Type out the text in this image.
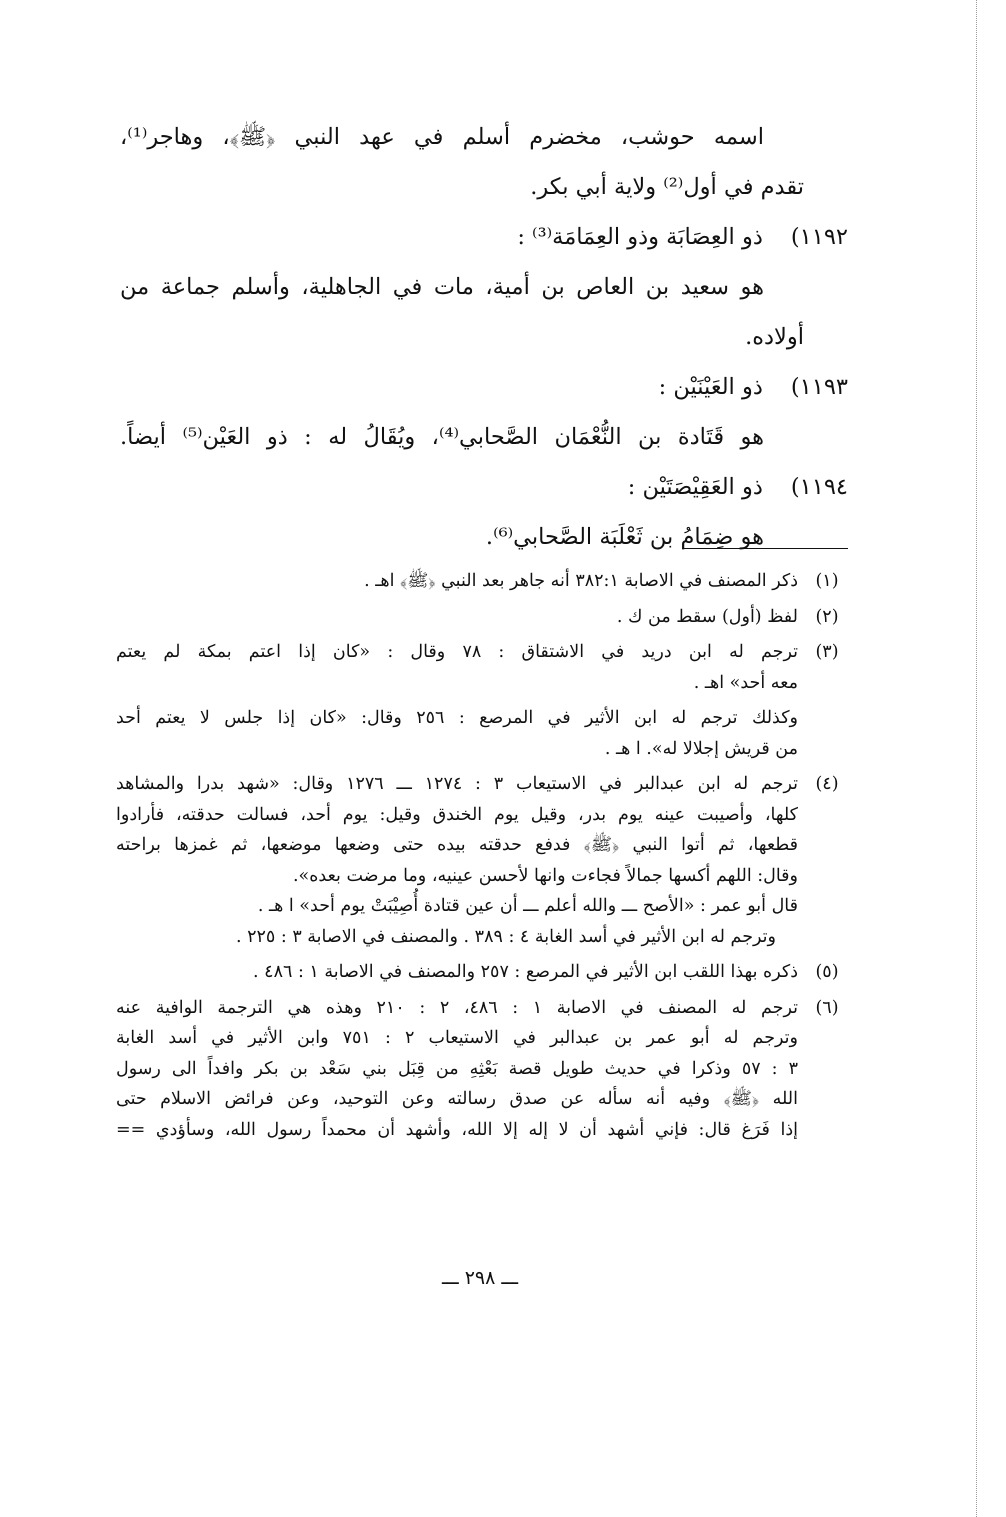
اسمه حوشب، مخضرم أسلم في عهد النبي ﴿ﷺ﴾، وهاجر⁽¹⁾،
تقدم في أول⁽²⁾ ولاية أبي بكر.
١١٩٢) ذو العِصَابَة وذو العِمَامَة⁽³⁾ :
هو سعيد بن العاص بن أمية، مات في الجاهلية، وأسلم جماعة من
أولاده.
١١٩٣) ذو العَيْنَيْن :
هو قَتَادة بن النُّعْمَان الصَّحابي⁽⁴⁾، ويُقَالُ له : ذو العَيْن⁽⁵⁾ أيضاً.
١١٩٤) ذو العَقِيْصَتَيْن :
هو ضِمَامُ بن ثَعْلَبَة الصَّحابي⁽⁶⁾.
(١)
ذكر المصنف في الاصابة ٣٨٢:١ أنه جاهر بعد النبي ﴿ﷺ﴾ اهـ .
(٢)
لفظ (أول) سقط من ك .
(٣)
ترجم له ابن دريد في الاشتقاق : ٧٨ وقال : «كان إذا اعتم بمكة لم يعتم
معه أحد» اهـ .
وكذلك ترجم له ابن الأثير في المرصع : ٢٥٦ وقال: «كان إذا جلس لا يعتم أحد
من قريش إجلالا له». ا هـ .
(٤)
ترجم له ابن عبدالبر في الاستيعاب ٣ : ١٢٧٤ ـــ ١٢٧٦ وقال: «شهد بدرا والمشاهد
كلها، وأصيبت عينه يوم بدر، وقيل يوم الخندق وقيل: يوم أحد، فسالت حدقته، فأرادوا
قطعها، ثم أتوا النبي ﴿ﷺ﴾ فدفع حدقته بيده حتى وضعها موضعها، ثم غمزها براحته
وقال: اللهم أكسها جمالاً فجاءت وانها لأحسن عينيه، وما مرضت بعده».
قال أبو عمر : «الأصح ـــ والله أعلم ـــ أن عين قتادة أُصِيْبَتْ يوم أحد» ا هـ .
وترجم له ابن الأثير في أسد الغابة ٤ : ٣٨٩ . والمصنف في الاصابة ٣ : ٢٢٥ .
(٥)
ذكره بهذا اللقب ابن الأثير في المرصع : ٢٥٧ والمصنف في الاصابة ١ : ٤٨٦ .
(٦)
ترجم له المصنف في الاصابة ١ : ٤٨٦، ٢ : ٢١٠ وهذه هي الترجمة الوافية عنه
وترجم له أبو عمر بن عبدالبر في الاستيعاب ٢ : ٧٥١ وابن الأثير في أسد الغابة
٣ : ٥٧ وذكرا في حديث طويل قصة بَعْثِهِ من قِبَل بني سَعْد بن بكر وافداً الى رسول
الله ﴿ﷺ﴾ وفيه أنه سأله عن صدق رسالته وعن التوحيد، وعن فرائض الاسلام حتى
إذا فَرَغ قال: فإني أشهد أن لا إله إلا الله، وأشهد أن محمداً رسول الله، وسأؤدي ==
ـــ ٢٩٨ ـــ
